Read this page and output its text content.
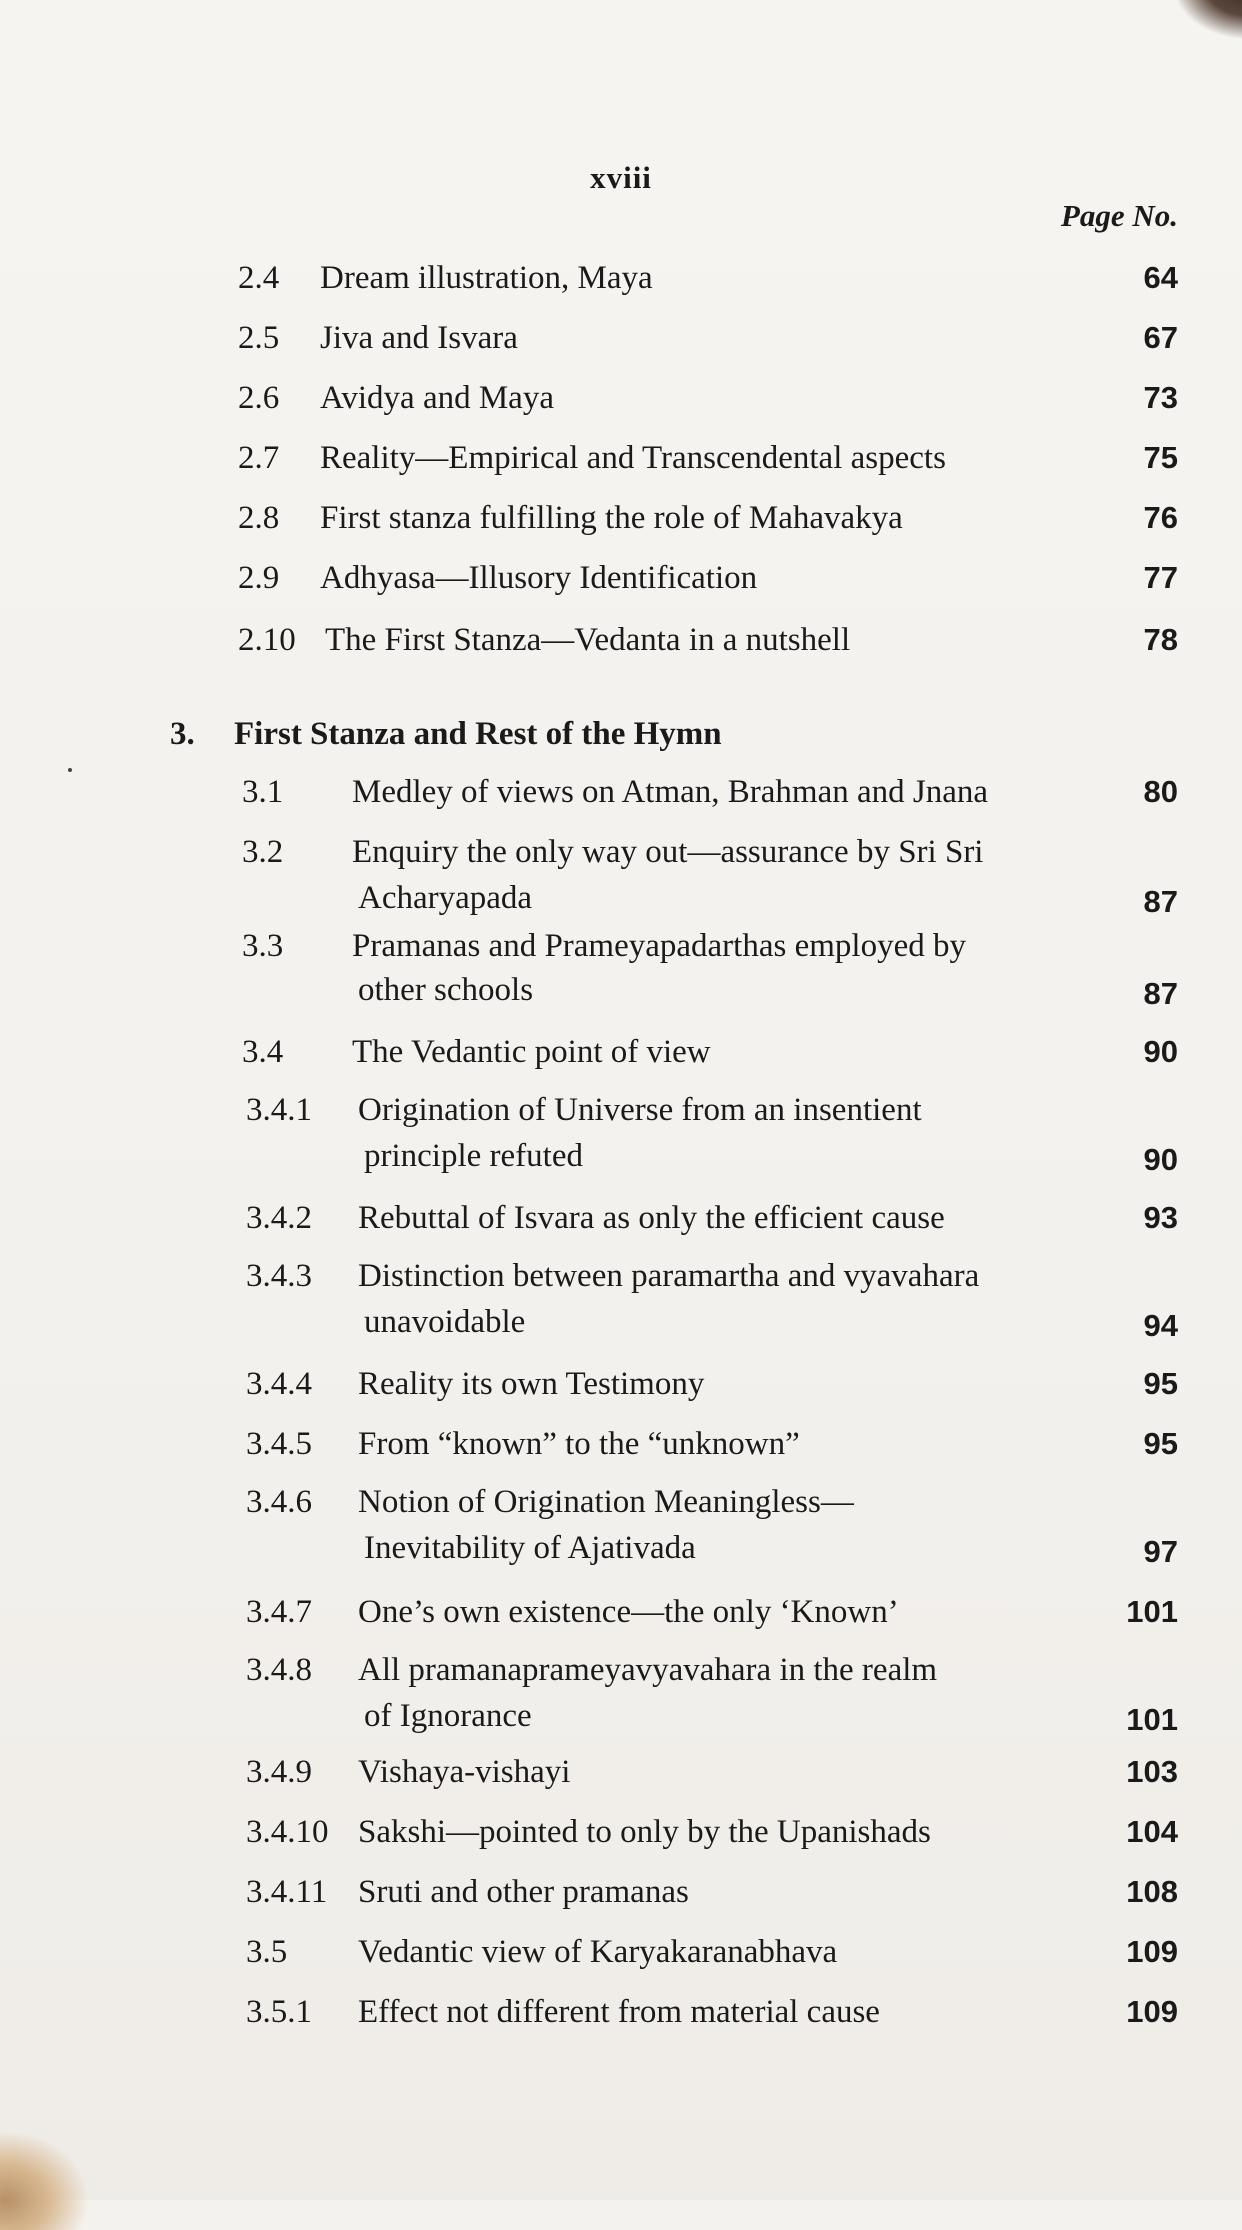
xviii
Page No.
2.4 Dream illustration, Maya	64
2.5 Jiva and Isvara	67
2.6 Avidya and Maya	73
2.7 Reality—Empirical and Transcendental aspects	75
2.8 First stanza fulfilling the role of Mahavakya	76
2.9 Adhyasa—Illusory Identification	77
2.10 The First Stanza—Vedanta in a nutshell	78
3. First Stanza and Rest of the Hymn
3.1 Medley of views on Atman, Brahman and Jnana	80
3.2 Enquiry the only way out—assurance by Sri Sri
Acharyapada	87
3.3 Pramanas and Prameyapadarthas employed by
other schools	87
3.4 The Vedantic point of view	90
3.4.1 Origination of Universe from an insentient
principle refuted	90
3.4.2 Rebuttal of Isvara as only the efficient cause	93
3.4.3 Distinction between paramartha and vyavahara
unavoidable	94
3.4.4 Reality its own Testimony	95
3.4.5 From “known” to the “unknown”	95
3.4.6 Notion of Origination Meaningless—
Inevitability of Ajativada	97
3.4.7 One’s own existence—the only ‘Known’	101
3.4.8 All pramanaprameyavyavahara in the realm
of Ignorance	101
3.4.9 Vishaya-vishayi	103
3.4.10 Sakshi—pointed to only by the Upanishads	104
3.4.11 Sruti and other pramanas	108
3.5 Vedantic view of Karyakaranabhava	109
3.5.1 Effect not different from material cause	109
